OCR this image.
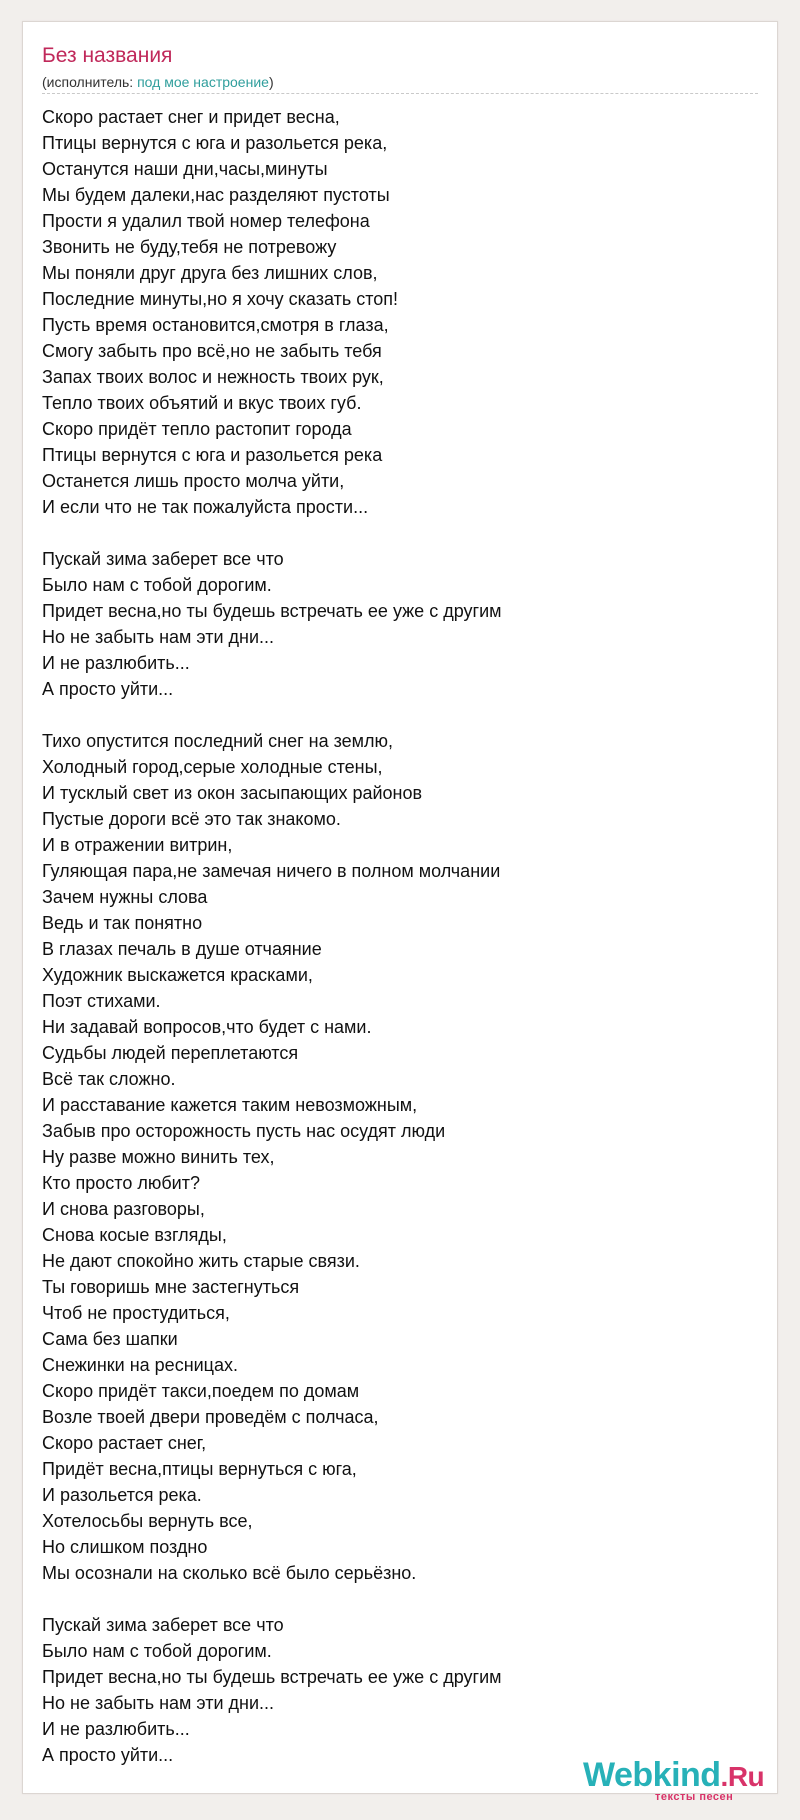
Без названия
(исполнитель: под мое настроение)
Скоро растает снег и придет весна,
Птицы вернутся с юга и разольется река,
Останутся наши дни,часы,минуты
Мы будем далеки,нас разделяют пустоты
Прости я удалил твой номер телефона
Звонить не буду,тебя не потревожу
Мы поняли друг друга без лишних слов,
Последние минуты,но я хочу сказать стоп!
Пусть время остановится,смотря в глаза,
Смогу забыть про всё,но не забыть тебя
Запах твоих волос и нежность твоих рук,
Тепло твоих объятий и вкус твоих губ.
Скоро придёт тепло растопит города
Птицы вернутся с юга и разольется река
Останется лишь просто молча уйти,
И если что не так пожалуйста прости...
Пускай зима заберет все что
Было нам с тобой дорогим.
Придет весна,но ты будешь встречать ее уже с другим
Но не забыть нам эти дни...
И не разлюбить...
А просто уйти...
Тихо опустится последний снег на землю,
Холодный город,серые холодные стены,
И тусклый свет из окон засыпающих районов
Пустые дороги всё это так знакомо.
И в отражении витрин,
Гуляющая пара,не замечая ничего в полном молчании
Зачем нужны слова
Ведь и так понятно
В глазах печаль в душе отчаяние
Художник выскажется красками,
Поэт стихами.
Ни задавай вопросов,что будет с нами.
Судьбы людей переплетаются
Всё так сложно.
И расставание кажется таким невозможным,
Забыв про осторожность пусть нас осудят люди
Ну разве можно винить тех,
Кто просто любит?
И снова разговоры,
Снова косые взгляды,
Не дают спокойно жить старые связи.
Ты говоришь мне застегнуться
Чтоб не простудиться,
Сама без шапки
Снежинки на ресницах.
Скоро придёт такси,поедем по домам
Возле твоей двери проведём с полчаса,
Скоро растает снег,
Придёт весна,птицы вернуться с юга,
И разольется река.
Хотелосьбы вернуть все,
Но слишком поздно
Мы осознали на сколько всё было серьёзно.
Пускай зима заберет все что
Было нам с тобой дорогим.
Придет весна,но ты будешь встречать ее уже с другим
Но не забыть нам эти дни...
И не разлюбить...
А просто уйти...
Webkind.Ru
тексты песен
